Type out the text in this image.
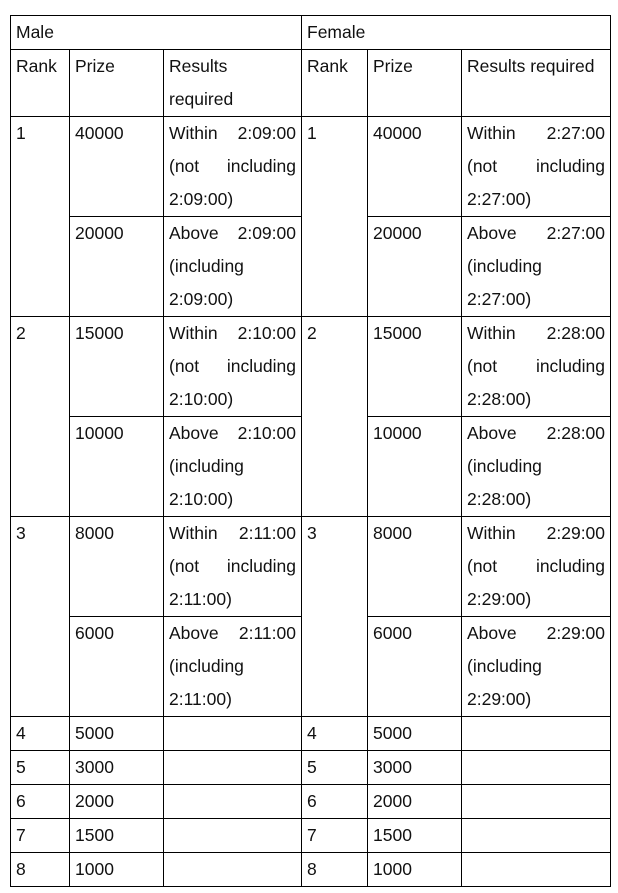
Male			Female		
Rank	Prize	Results required	Rank	Prize	Results required
1	40000	Within 2:09:00 (not including 2:09:00)	1	40000	Within 2:27:00 (not including 2:27:00)
	20000	Above 2:09:00 (including 2:09:00)		20000	Above 2:27:00 (including 2:27:00)
2	15000	Within 2:10:00 (not including 2:10:00)	2	15000	Within 2:28:00 (not including 2:28:00)
	10000	Above 2:10:00 (including 2:10:00)		10000	Above 2:28:00 (including 2:28:00)
3	8000	Within 2:11:00 (not including 2:11:00)	3	8000	Within 2:29:00 (not including 2:29:00)
	6000	Above 2:11:00 (including 2:11:00)		6000	Above 2:29:00 (including 2:29:00)
4	5000		4	5000	
5	3000		5	3000	
6	2000		6	2000	
7	1500		7	1500	
8	1000		8	1000	
